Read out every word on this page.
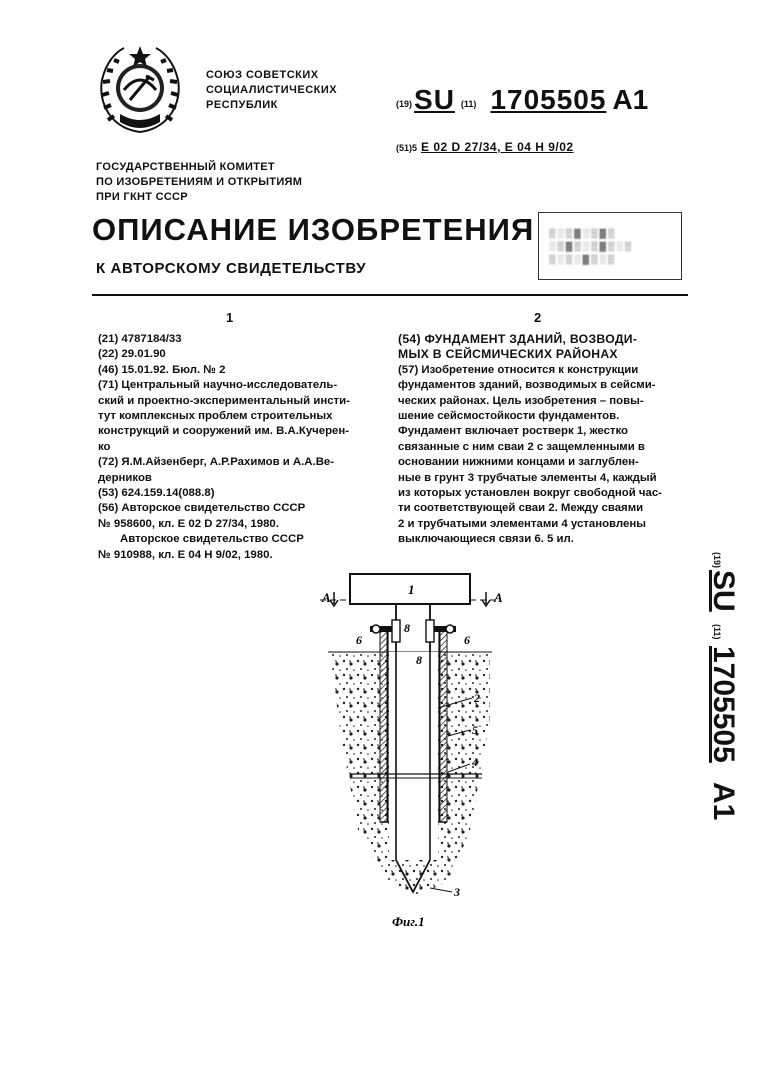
СОЮЗ СОВЕТСКИХ
СОЦИАЛИСТИЧЕСКИХ
РЕСПУБЛИК	(19)SU (11) 1705505 A1
(51)5 E 02 D 27/34, E 04 H 9/02
ГОСУДАРСТВЕННЫЙ КОМИТЕТ
ПО ИЗОБРЕТЕНИЯМ И ОТКРЫТИЯМ
ПРИ ГКНТ СССР
ОПИСАНИЕ ИЗОБРЕТЕНИЯ
К АВТОРСКОМУ СВИДЕТЕЛЬСТВУ
▒░▒▓░▒▓▒
░▒▓▒░▒▓▒░▒
▒░▒░▓▒░▒
1	2

(21) 4787184/33

(22) 29.01.90

(46) 15.01.92. Бюл. № 2

(71) Центральный научно-исследователь-

ский и проектно-экспериментальный инсти-

тут комплексных проблем строительных

конструкций и сооружений им. В.А.Кучерен-

ко

(72) Я.М.Айзенберг, А.Р.Рахимов и А.А.Ве-

дерников

(53) 624.159.14(088.8)

(56) Авторское свидетельство СССР

№ 958600, кл. E 02 D 27/34, 1980.

Авторское свидетельство СССР

№ 910988, кл. E 04 H 9/02, 1980.

(54) ФУНДАМЕНТ ЗДАНИЙ, ВОЗВОДИ-

МЫХ В СЕЙСМИЧЕСКИХ РАЙОНАХ

(57) Изобретение относится к конструкции

фундаментов зданий, возводимых в сейсми-

ческих районах. Цель изобретения – повы-

шение сейсмостойкости фундаментов.

Фундамент включает ростверк 1, жестко

связанные с ним сваи 2 с защемленными в

основании нижними концами и заглублен-

ные в грунт 3 трубчатые элементы 4, каждый

из которых установлен вокруг свободной час-

ти соответствующей сваи 2. Между сваями

2 и трубчатыми элементами 4 установлены

выключающиеся связи 6. 5 ил.

(19)
SU
(11)
1705505
A1
A	A
1
6	6
8
8
2
5
4
3
Фиг.1
